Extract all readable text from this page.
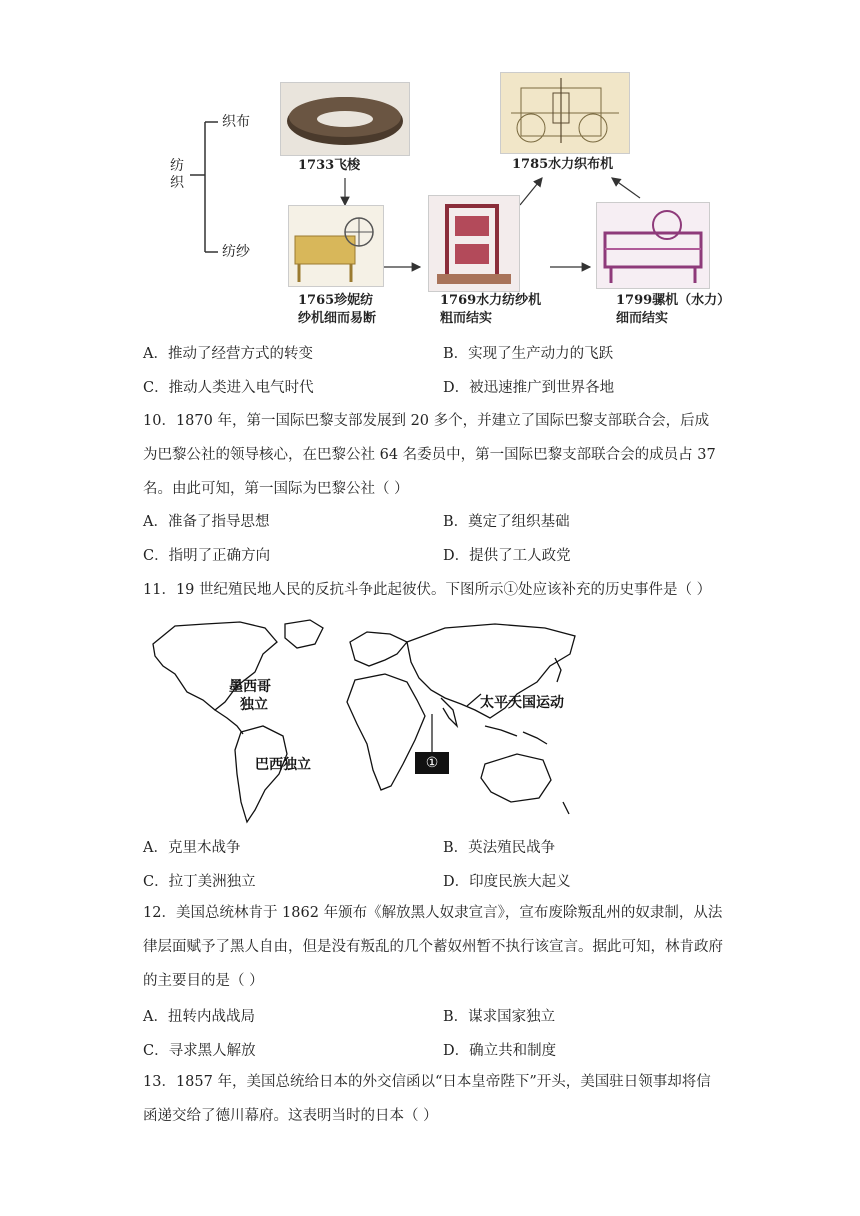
纺
织
织布
纺纱
1733飞梭	1785水力织布机
1765珍妮纺
纱机细而易断
1769水力纺纱机
粗而结实
1799骡机（水力）
细而结实
A．推动了经营方式的转变	B．实现了生产动力的飞跃
C．推动人类进入电气时代	D．被迅速推广到世界各地
10．1870 年，第一国际巴黎支部发展到 20 多个，并建立了国际巴黎支部联合会，后成为巴黎公社的领导核心，在巴黎公社 64 名委员中，第一国际巴黎支部联合会的成员占 37 名。由此可知，第一国际为巴黎公社（ ）
A．准备了指导思想	B．奠定了组织基础
C．指明了正确方向	D．提供了工人政党
11．19 世纪殖民地人民的反抗斗争此起彼伏。下图所示①处应该补充的历史事件是（ ）
墨西哥
独立
巴西独立
太平天国运动
①
A．克里木战争	B．英法殖民战争
C．拉丁美洲独立	D．印度民族大起义
12．美国总统林肯于 1862 年颁布《解放黑人奴隶宣言》，宣布废除叛乱州的奴隶制，从法律层面赋予了黑人自由，但是没有叛乱的几个蓄奴州暂不执行该宣言。据此可知，林肯政府的主要目的是（ ）
A．扭转内战战局	B．谋求国家独立
C．寻求黑人解放	D．确立共和制度
13．1857 年，美国总统给日本的外交信函以“日本皇帝陛下”开头，美国驻日领事却将信函递交给了德川幕府。这表明当时的日本（ ）
